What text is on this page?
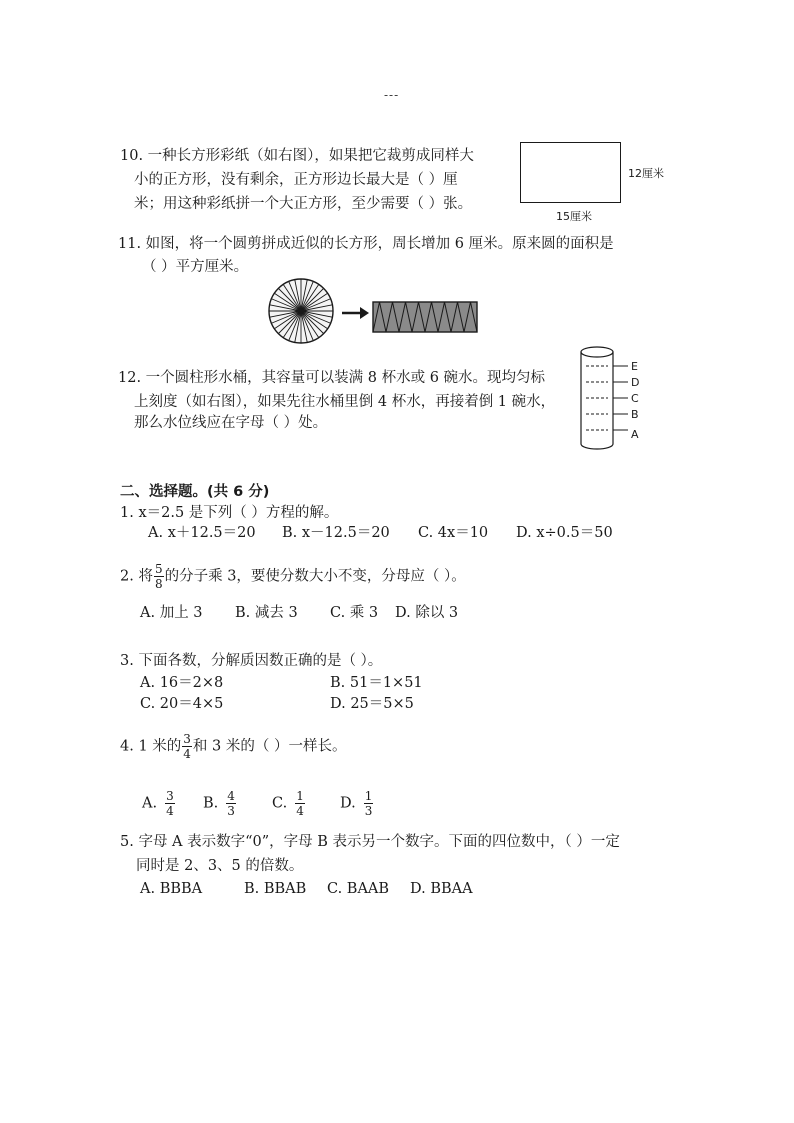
---
10. 一种长方形彩纸（如右图），如果把它裁剪成同样大
小的正方形，没有剩余，正方形边长最大是（ ）厘
米；用这种彩纸拼一个大正方形，至少需要（ ）张。
12厘米
15厘米
11. 如图，将一个圆剪拼成近似的长方形，周长增加 6 厘米。原来圆的面积是
（ ）平方厘米。
12. 一个圆柱形水桶，其容量可以装满 8 杯水或 6 碗水。现均匀标
上刻度（如右图），如果先往水桶里倒 4 杯水，再接着倒 1 碗水，
那么水位线应在字母（ ）处。
E
D
C
B
A
二、选择题。(共 6 分)
1. x＝2.5 是下列（ ）方程的解。
A. x＋12.5＝20 B. x－12.5＝20 C. 4x＝10 D. x÷0.5＝50
2. 将 $\frac{5}{8}$ 的分子乘 3，要使分数大小不变，分母应（ ）。
A. 加上 3 B. 减去 3 C. 乘 3 D. 除以 3
3. 下面各数，分解质因数正确的是（ ）。
A. 16＝2×8	B. 51＝1×51
C. 20＝4×5	D. 25＝5×5
4. 1 米的 $\frac{3}{4}$ 和 3 米的（ ）一样长。
A. $\frac{3}{4} B$. $\frac{4}{3} C$. $\frac{1}{4} D$. $\frac{1}{3}$
5. 字母 A 表示数字“0”，字母 B 表示另一个数字。下面的四位数中，（ ）一定
同时是 2、3、5 的倍数。
A. BBBA	B. BBAB C. BAAB D. BBAA
